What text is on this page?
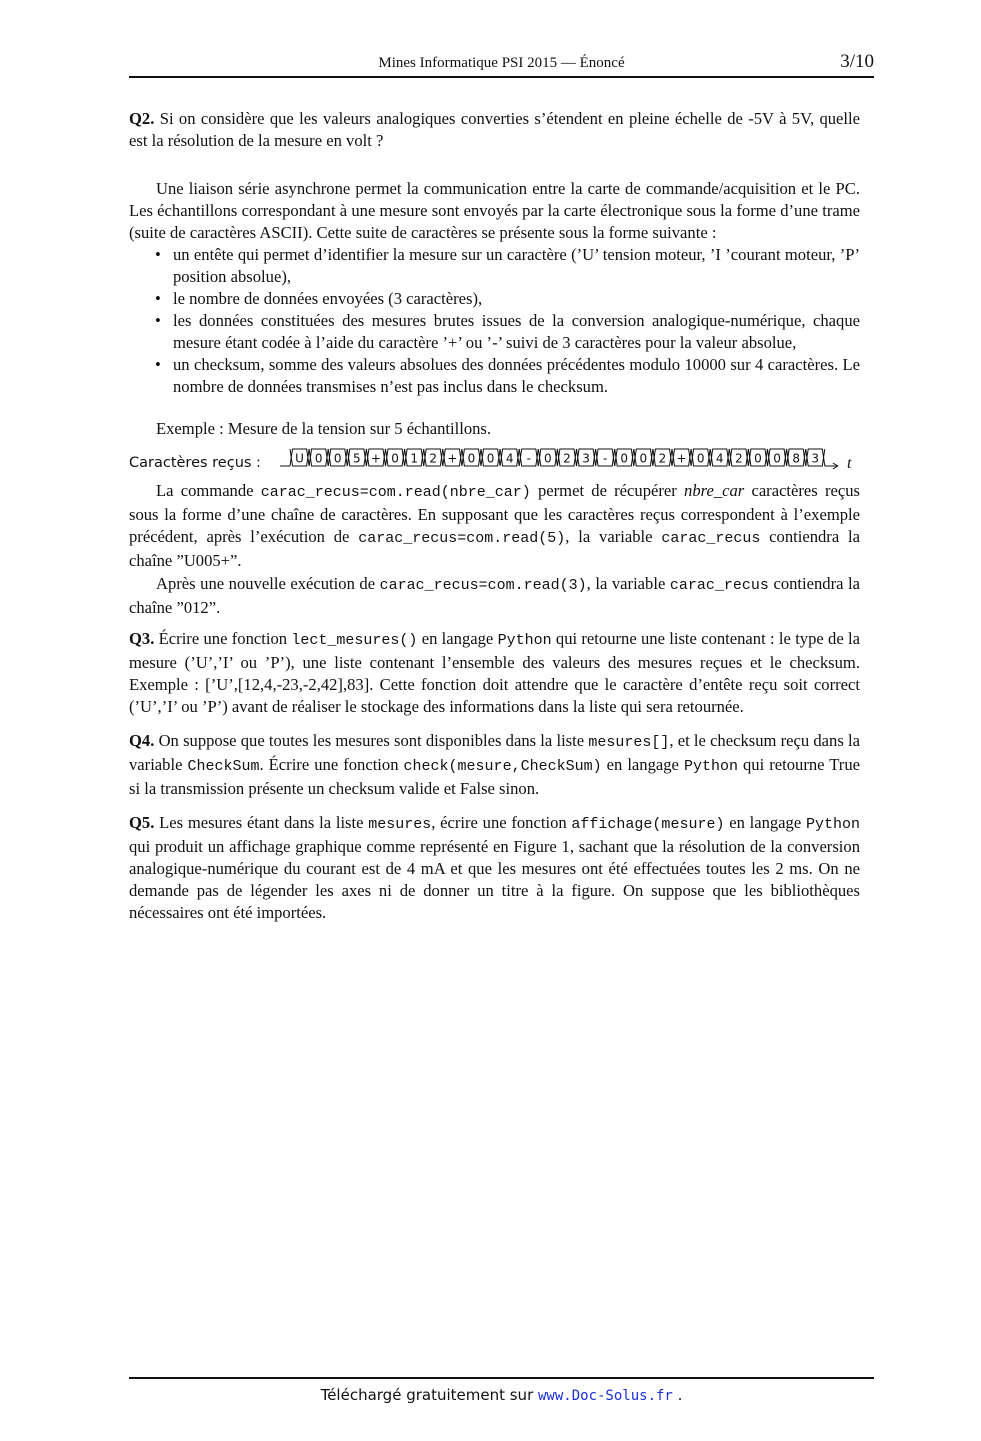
Mines Informatique PSI 2015 — Énoncé	3/10

Q2. Si on considère que les valeurs analogiques converties s’étendent en pleine échelle de -5V à 5V, quelle est la résolution de la mesure en volt ?

Une liaison série asynchrone permet la communication entre la carte de commande/acquisition et le PC. Les échantillons correspondant à une mesure sont envoyés par la carte électronique sous la forme d’une trame (suite de caractères ASCII). Cette suite de caractères se présente sous la forme suivante :

• un entête qui permet d’identifier la mesure sur un caractère (’U’ tension moteur, ’I ’courant moteur, ’P’ position absolue),
• le nombre de données envoyées (3 caractères),
• les données constituées des mesures brutes issues de la conversion analogique-numérique, chaque mesure étant codée à l’aide du caractère ’+’ ou ’-’ suivi de 3 caractères pour la valeur absolue,
• un checksum, somme des valeurs absolues des données précédentes modulo 10000 sur 4 caractères. Le nombre de données transmises n’est pas inclus dans le checksum.

Exemple : Mesure de la tension sur 5 échantillons.

Caractères reçus :	U 0 0 5 + 0 1 2 + 0 0 4 - 0 2 3 - 0 0 2 + 0 4 2 0 0 8 3 t

La commande carac_recus=com.read(nbre_car) permet de récupérer nbre_car caractères reçus sous la forme d’une chaîne de caractères. En supposant que les caractères reçus correspondent à l’exemple précédent, après l’exécution de carac_recus=com.read(5), la variable carac_recus contiendra la chaîne ”U005+”.

Après une nouvelle exécution de carac_recus=com.read(3), la variable carac_recus contiendra la chaîne ”012”.

Q3. Écrire une fonction lect_mesures() en langage Python qui retourne une liste contenant : le type de la mesure (’U’,’I’ ou ’P’), une liste contenant l’ensemble des valeurs des mesures reçues et le checksum. Exemple : [’U’,[12,4,-23,-2,42],83]. Cette fonction doit attendre que le caractère d’entête reçu soit correct (’U’,’I’ ou ’P’) avant de réaliser le stockage des informations dans la liste qui sera retournée.

Q4. On suppose que toutes les mesures sont disponibles dans la liste mesures[], et le checksum reçu dans la variable CheckSum. Écrire une fonction check(mesure,CheckSum) en langage Python qui retourne True si la transmission présente un checksum valide et False sinon.

Q5. Les mesures étant dans la liste mesures, écrire une fonction affichage(mesure) en langage Python qui produit un affichage graphique comme représenté en Figure 1, sachant que la résolution de la conversion analogique-numérique du courant est de 4 mA et que les mesures ont été effectuées toutes les 2 ms. On ne demande pas de légender les axes ni de donner un titre à la figure. On suppose que les bibliothèques nécessaires ont été importées.

Téléchargé gratuitement sur www.Doc-Solus.fr .
